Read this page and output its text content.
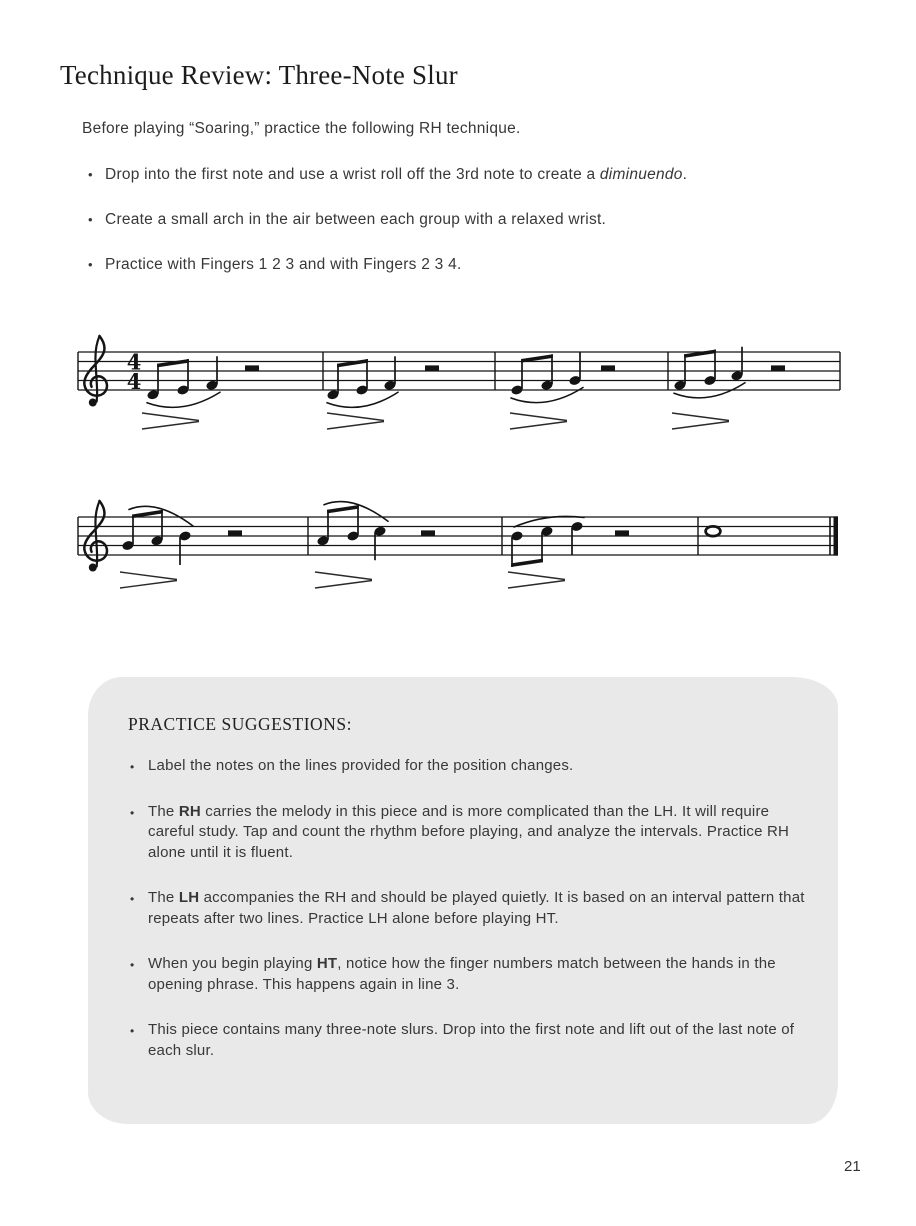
Technique Review: Three-Note Slur

Before playing “Soaring,” practice the following RH technique.

• Drop into the first note and use a wrist roll off the 3rd note to create a diminuendo.
• Create a small arch in the air between each group with a relaxed wrist.
• Practice with Fingers 1 2 3 and with Fingers 2 3 4.
4
4
PRACTICE SUGGESTIONS:
• Label the notes on the lines provided for the position changes.
• The RH carries the melody in this piece and is more complicated than the LH. It will require careful study. Tap and count the rhythm before playing, and analyze the intervals. Practice RH alone until it is fluent.
• The LH accompanies the RH and should be played quietly. It is based on an interval pattern that repeats after two lines. Practice LH alone before playing HT.
• When you begin playing HT, notice how the finger numbers match between the hands in the opening phrase. This happens again in line 3.
• This piece contains many three-note slurs. Drop into the first note and lift out of the last note of each slur.
21
